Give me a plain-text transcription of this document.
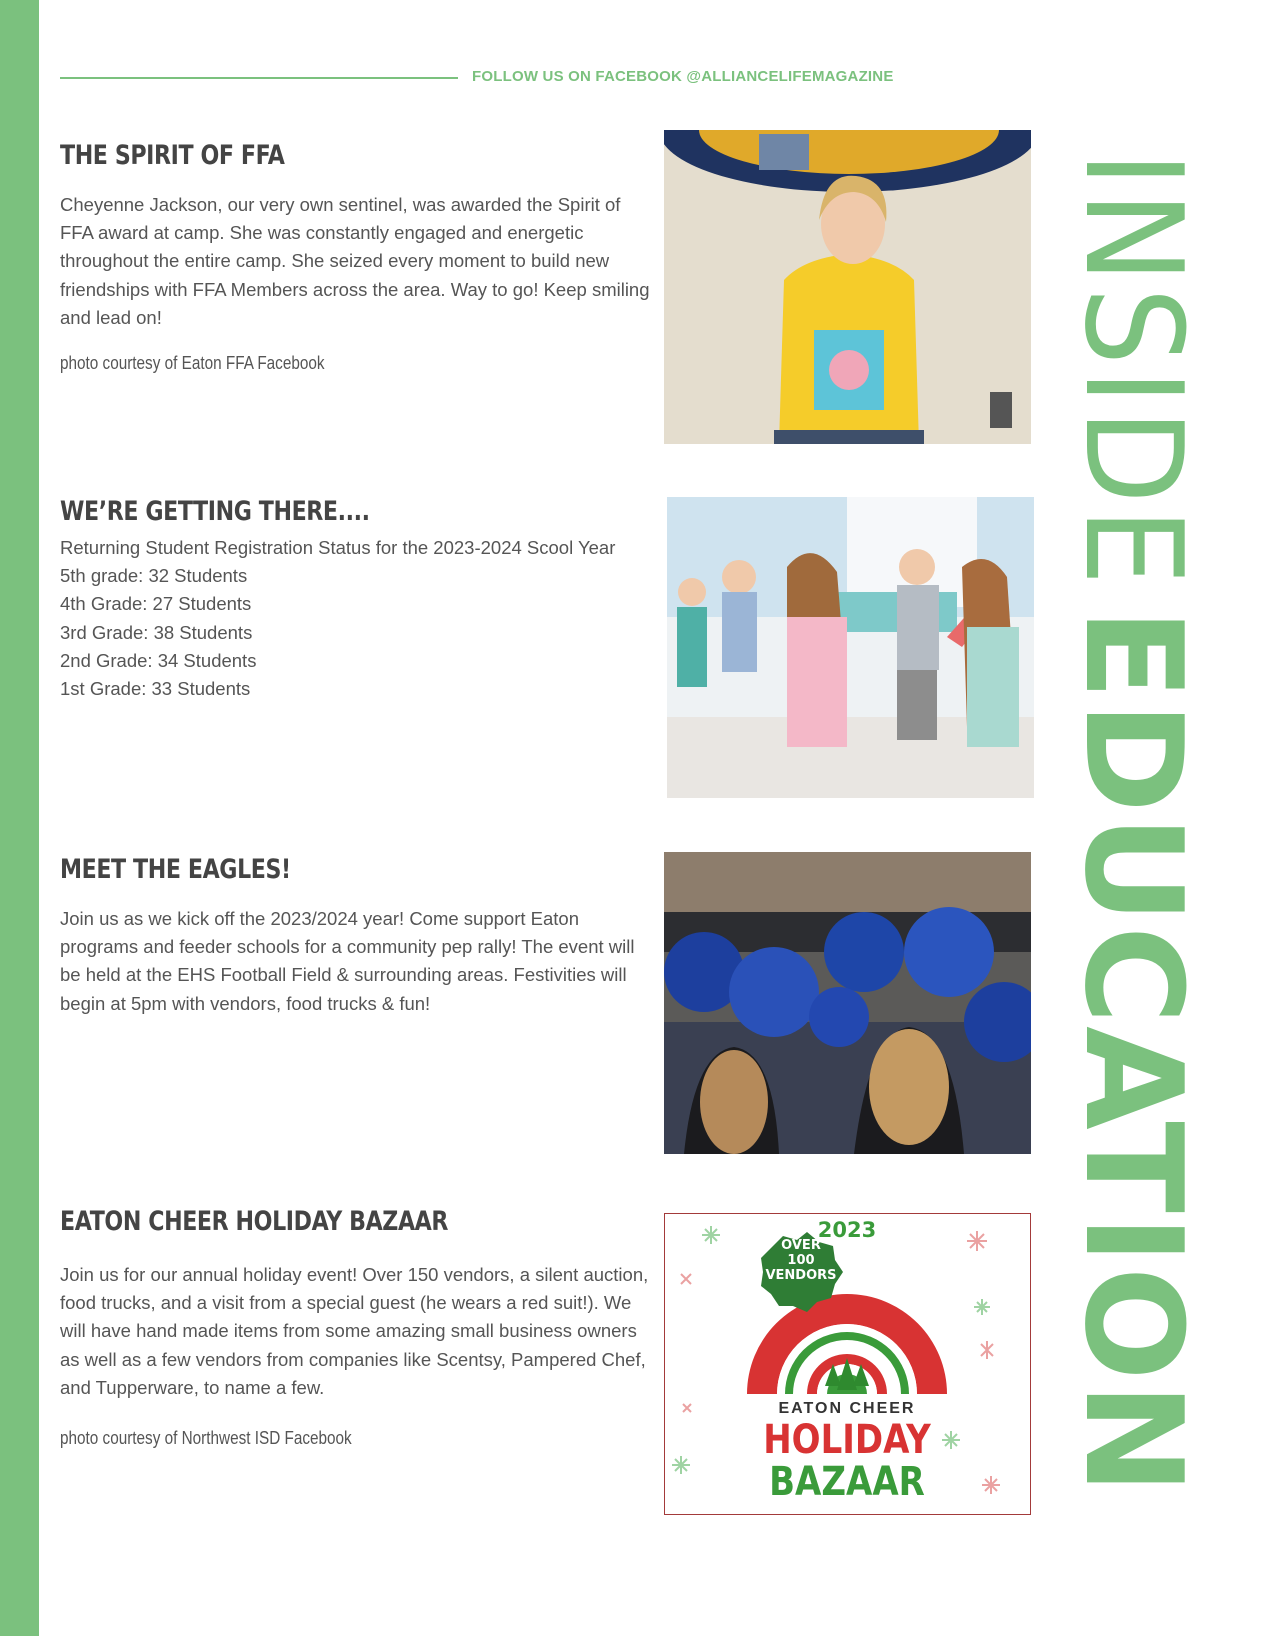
FOLLOW US ON FACEBOOK @ALLIANCELIFEMAGAZINE
THE SPIRIT OF FFA
Cheyenne Jackson, our very own sentinel, was awarded the Spirit of FFA award at camp. She was constantly engaged and energetic throughout the entire camp. She seized every moment to build new friendships with FFA Members across the area. Way to go! Keep smiling and lead on!
photo courtesy of Eaton FFA Facebook
WE’RE GETTING THERE....
Returning Student Registration Status for the 2023-2024 Scool Year
5th grade: 32 Students
4th Grade: 27 Students
3rd Grade: 38 Students
2nd Grade: 34 Students
1st Grade: 33 Students
MEET THE EAGLES!
Join us as we kick off the 2023/2024 year! Come support Eaton programs and feeder schools for a community pep rally! The event will be held at the EHS Football Field & surrounding areas. Festivities will begin at 5pm with vendors, food trucks & fun!
EATON CHEER HOLIDAY BAZAAR
Join us for our annual holiday event! Over 150 vendors, a silent auction, food trucks, and a visit from a special guest (he wears a red suit!). We will have hand made items from some amazing small business owners as well as a few vendors from companies like Scentsy, Pampered Chef, and Tupperware, to name a few.
photo courtesy of Northwest ISD Facebook
2023
OVER
100
VENDORS
EATON CHEER
HOLIDAY
BAZAAR
INSIDEEDUCATION
